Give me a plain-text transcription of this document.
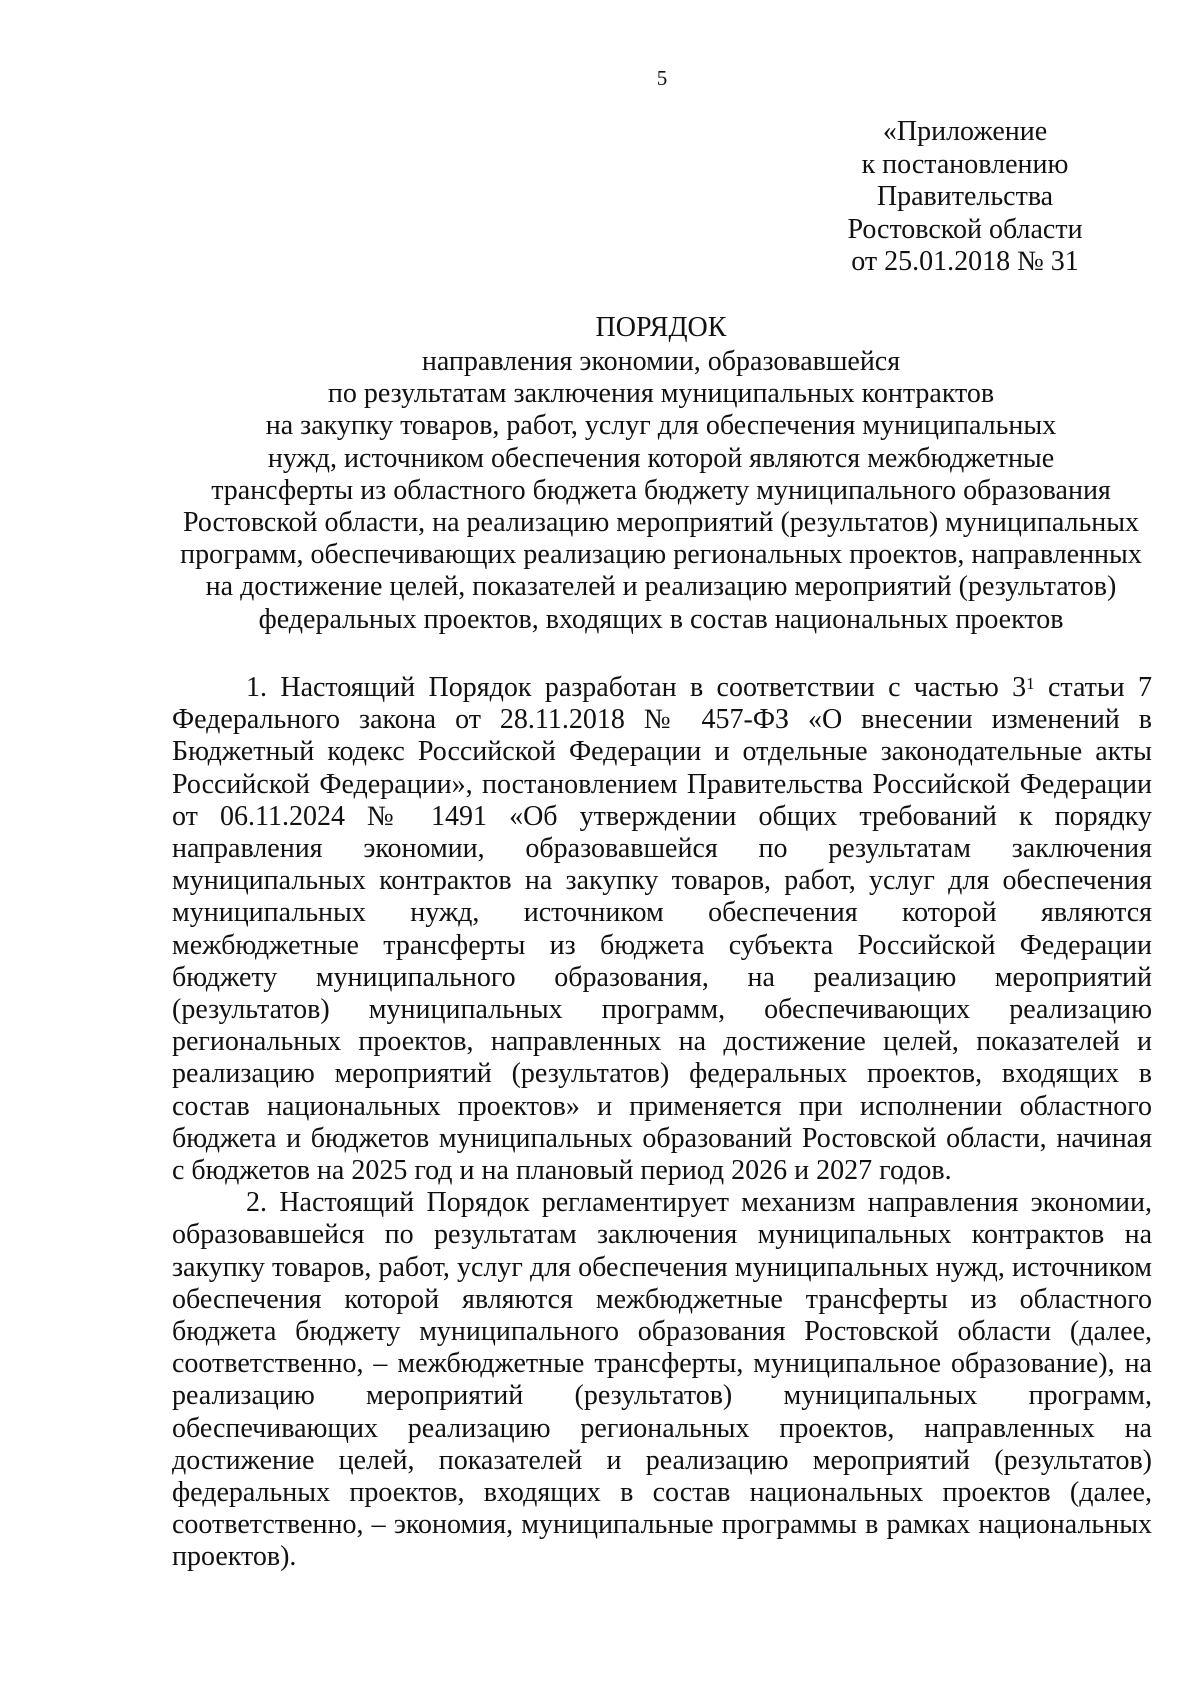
5
«Приложение
к постановлению
Правительства
Ростовской области
от 25.01.2018 № 31
ПОРЯДОК
направления экономии, образовавшейся
по результатам заключения муниципальных контрактов
на закупку товаров, работ, услуг для обеспечения муниципальных
нужд, источником обеспечения которой являются межбюджетные
трансферты из областного бюджета бюджету муниципального образования
Ростовской области, на реализацию мероприятий (результатов) муниципальных
программ, обеспечивающих реализацию региональных проектов, направленных
на достижение целей, показателей и реализацию мероприятий (результатов)
федеральных проектов, входящих в состав национальных проектов

1. Настоящий Порядок разработан в соответствии с частью $3^1$ статьи 7 Федерального закона от 28.11.2018 № 457-ФЗ «О внесении изменений в Бюджетный кодекс Российской Федерации и отдельные законодательные акты Российской Федерации», постановлением Правительства Российской Федерации от 06.11.2024 № 1491 «Об утверждении общих требований к порядку направления экономии, образовавшейся по результатам заключения муниципальных контрактов на закупку товаров, работ, услуг для обеспечения муниципальных нужд, источником обеспечения которой являются межбюджетные трансферты из бюджета субъекта Российской Федерации бюджету муниципального образования, на реализацию мероприятий (результатов) муниципальных программ, обеспечивающих реализацию региональных проектов, направленных на достижение целей, показателей и реализацию мероприятий (результатов) федеральных проектов, входящих в состав национальных проектов» и применяется при исполнении областного бюджета и бюджетов муниципальных образований Ростовской области, начиная с бюджетов на 2025 год и на плановый период 2026 и 2027 годов.

2. Настоящий Порядок регламентирует механизм направления экономии, образовавшейся по результатам заключения муниципальных контрактов на закупку товаров, работ, услуг для обеспечения муниципальных нужд, источником обеспечения которой являются межбюджетные трансферты из областного бюджета бюджету муниципального образования Ростовской области (далее, соответственно, – межбюджетные трансферты, муниципальное образование), на реализацию мероприятий (результатов) муниципальных программ, обеспечивающих реализацию региональных проектов, направленных на достижение целей, показателей и реализацию мероприятий (результатов) федеральных проектов, входящих в состав национальных проектов (далее, соответственно, – экономия, муниципальные программы в рамках национальных проектов).
